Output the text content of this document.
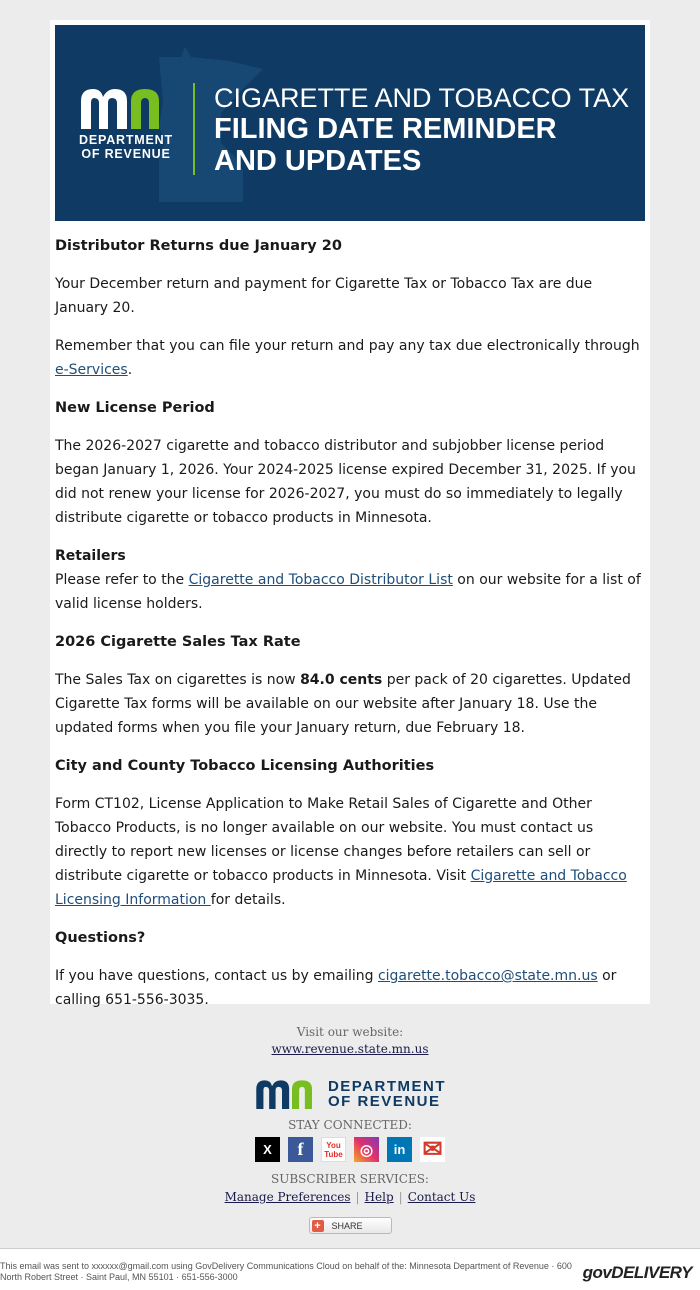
DEPARTMENT
OF REVENUE
CIGARETTE AND TOBACCO TAX
FILING DATE REMINDER
AND UPDATES
Distributor Returns due January 20

Your December return and payment for Cigarette Tax or Tobacco Tax are due January 20.

Remember that you can file your return and pay any tax due electronically through e-Services.

New License Period

The 2026-2027 cigarette and tobacco distributor and subjobber license period began January 1, 2026. Your 2024-2025 license expired December 31, 2025. If you did not renew your license for 2026-2027, you must do so immediately to legally distribute cigarette or tobacco products in Minnesota.

Retailers

Please refer to the Cigarette and Tobacco Distributor List on our website for a list of valid license holders.

2026 Cigarette Sales Tax Rate

The Sales Tax on cigarettes is now 84.0 cents per pack of 20 cigarettes. Updated Cigarette Tax forms will be available on our website after January 18. Use the updated forms when you file your January return, due February 18.

City and County Tobacco Licensing Authorities

Form CT102, License Application to Make Retail Sales of Cigarette and Other Tobacco Products, is no longer available on our website. You must contact us directly to report new licenses or license changes before retailers can sell or distribute cigarette or tobacco products in Minnesota. Visit Cigarette and Tobacco Licensing Information for details.

Questions?

If you have questions, contact us by emailing cigarette.tobacco@state.mn.us or calling 651-556-3035.

Visit our website:
www.revenue.state.mn.us
DEPARTMENT
OF REVENUE
STAY CONNECTED:
X	f	You Tube	◎	in ✉
SUBSCRIBER SERVICES:
Manage Preferences | Help | Contact Us
+	SHARE
This email was sent to xxxxxx@gmail.com using GovDelivery Communications Cloud on behalf of the: Minnesota Department of Revenue · 600 North Robert Street · Saint Paul, MN 55101 · 651-556-3000	govDELIVERY
